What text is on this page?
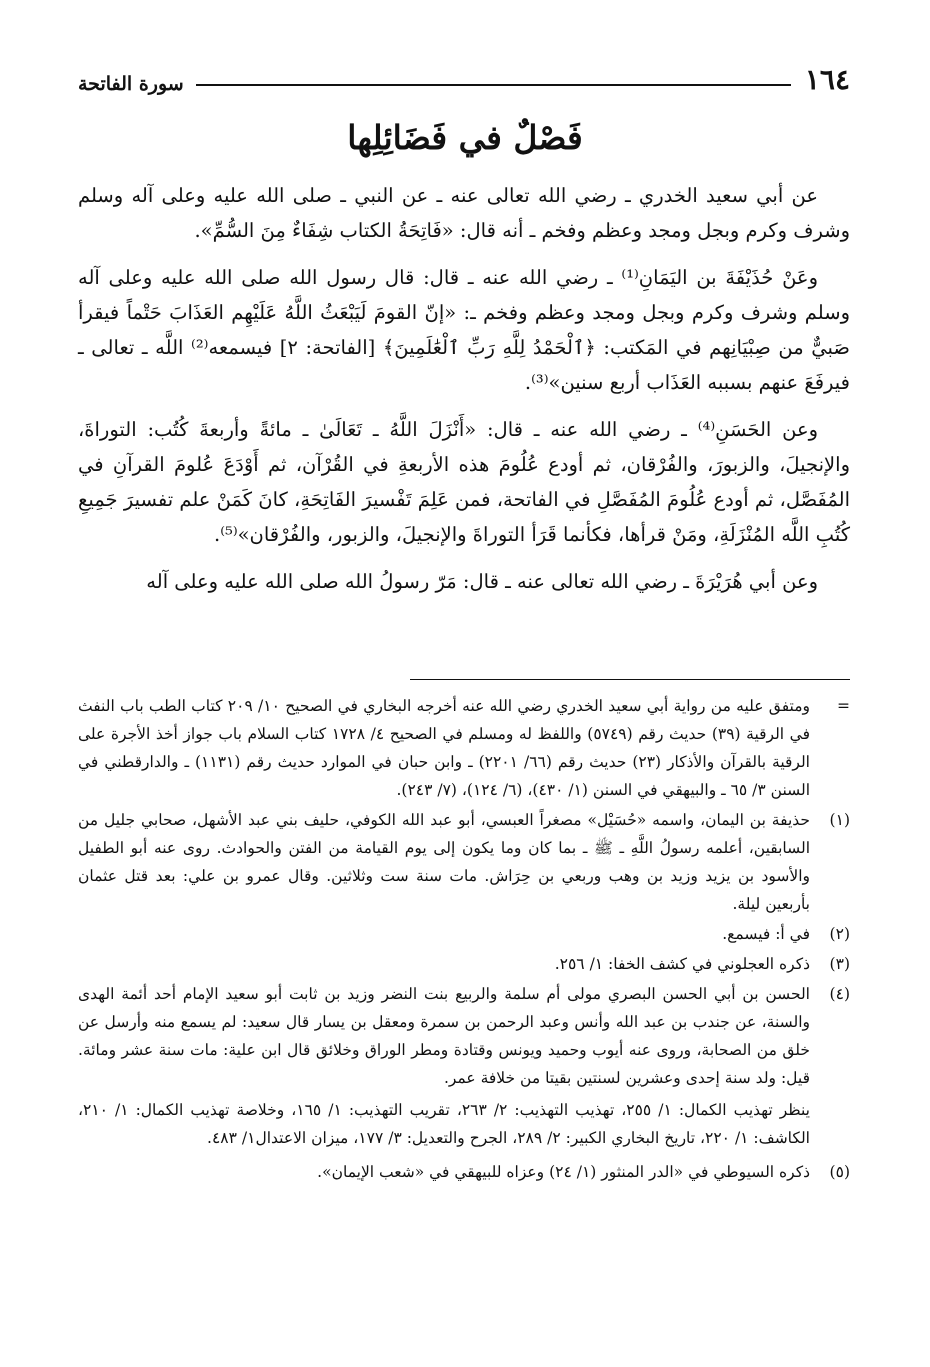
١٦٤
سورة الفاتحة
فَصْلٌ في فَضَائِلِها

عن أبي سعيد الخدري ـ رضي الله تعالى عنه ـ عن النبي ـ صلى الله عليه وعلى آله وسلم وشرف وكرم وبجل ومجد وعظم وفخم ـ أنه قال: «فَاتِحَةُ الكتاب شِفَاءٌ مِنَ السُّمِّ».

وعَنْ حُذَيْفَةَ بن اليَمَانِ⁽¹⁾ ـ رضي الله عنه ـ قال: قال رسول الله صلى الله عليه وعلى آله وسلم وشرف وكرم وبجل ومجد وعظم وفخم ـ: «إنّ القومَ لَيَبْعَثُ اللَّهُ عَلَيْهِم العَذَابَ حَتْماً فيقرأ صَبيٌّ من صِبْيَانِهم في المَكتب: ﴿ٱلْحَمْدُ لِلَّهِ رَبِّ ٱلْعَٰلَمِينَ﴾ [الفاتحة: ٢] فيسمعه⁽²⁾ اللَّه ـ تعالى ـ فيرفَعَ عنهم بسببه العَذَاب أربع سنين»⁽³⁾.

وعن الحَسَنِ⁽⁴⁾ ـ رضي الله عنه ـ قال: «أَنْزَلَ اللَّهُ ـ تَعَالَىٰ ـ مائةً وأربعةَ كُتُب: التوراةَ، والإنجيلَ، والزبورَ، والفُرْقان، ثم أودع عُلُومَ هذه الأربعةِ في القُرْآن، ثم أَوْدَعَ عُلومَ القرآنِ في المُفَصَّل، ثم أودع عُلُومَ المُفَصَّلِ في الفاتحة، فمن عَلِمَ تَفْسيرَ الفَاتِحَةِ، كانَ كَمَنْ علم تفسيرَ جَمِيعِ كُتُبِ اللَّه المُنْزَلَةِ، ومَنْ قرأها، فكأنما قَرَأ التوراةَ والإنجيلَ، والزبور، والفُرْقان»⁽⁵⁾.

وعن أبي هُرَيْرَةَ ـ رضي الله تعالى عنه ـ قال: مَرّ رسولُ الله صلى الله عليه وعلى آله

=
ومتفق عليه من رواية أبي سعيد الخدري رضي الله عنه أخرجه البخاري في الصحيح ١٠/ ٢٠٩ كتاب الطب باب النفث في الرقية (٣٩) حديث رقم (٥٧٤٩) واللفظ له ومسلم في الصحيح ٤/ ١٧٢٨ كتاب السلام باب جواز أخذ الأجرة على الرقية بالقرآن والأذكار (٢٣) حديث رقم (٦٦/ ٢٢٠١) ـ وابن حبان في الموارد حديث رقم (١١٣١) ـ والدارقطني في السنن ٣/ ٦٥ ـ والبيهقي في السنن (١/ ٤٣٠)، (٦/ ١٢٤)، (٧/ ٢٤٣).
(١)
حذيفة بن اليمان، واسمه «حُسَيْل» مصغراً العبسي، أبو عبد الله الكوفي، حليف بني عبد الأشهل، صحابي جليل من السابقين، أعلمه رسولُ اللَّهِ ـ ﷺ ـ بما كان وما يكون إلى يوم القيامة من الفتن والحوادث. روى عنه أبو الطفيل والأسود بن يزيد وزيد بن وهب وربعي بن حِرَاش. مات سنة ست وثلاثين. وقال عمرو بن علي: بعد قتل عثمان بأربعين ليلة.
(٢)
في أ: فيسمع.
(٣)
ذكره العجلوني في كشف الخفا: ١/ ٢٥٦.
(٤)
الحسن بن أبي الحسن البصري مولى أم سلمة والربيع بنت النضر وزيد بن ثابت أبو سعيد الإمام أحد أئمة الهدى والسنة، عن جندب بن عبد الله وأنس وعبد الرحمن بن سمرة ومعقل بن يسار قال سعيد: لم يسمع منه وأرسل عن خلق من الصحابة، وروى عنه أيوب وحميد ويونس وقتادة ومطر الوراق وخلائق قال ابن علية: مات سنة عشر ومائة. قيل: ولد سنة إحدى وعشرين لسنتين بقيتا من خلافة عمر.
ينظر تهذيب الكمال: ١/ ٢٥٥، تهذيب التهذيب: ٢/ ٢٦٣، تقريب التهذيب: ١/ ١٦٥، وخلاصة تهذيب الكمال: ١/ ٢١٠، الكاشف: ١/ ٢٢٠، تاريخ البخاري الكبير: ٢/ ٢٨٩، الجرح والتعديل: ٣/ ١٧٧، ميزان الاعتدال١/ ٤٨٣.
(٥)
ذكره السيوطي في «الدر المنثور (١/ ٢٤) وعزاه للبيهقي في «شعب الإيمان».
